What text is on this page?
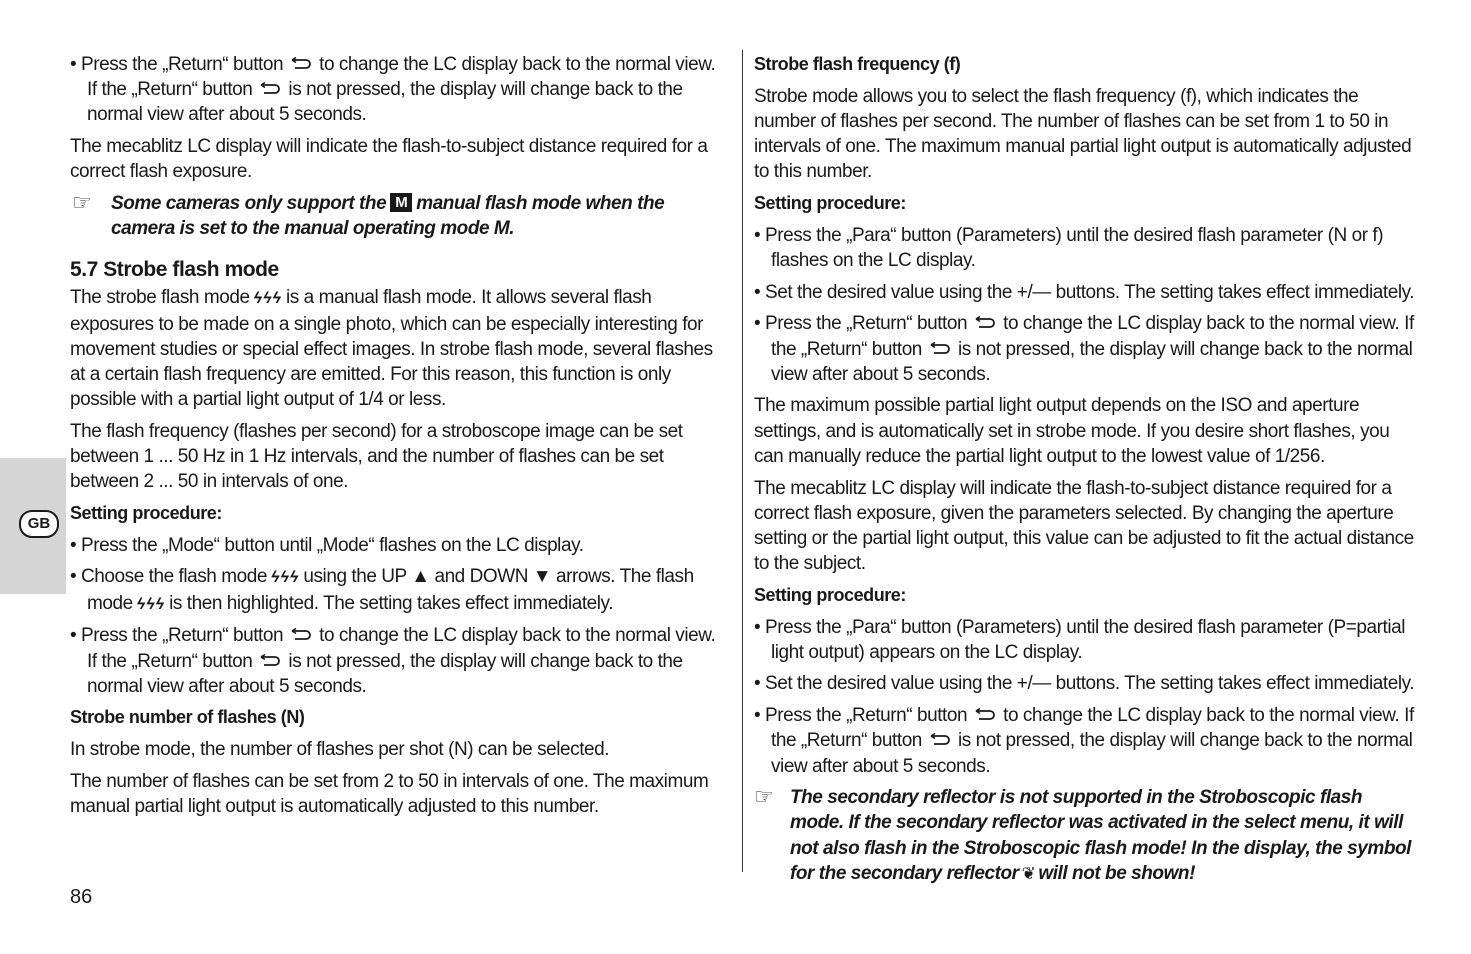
GB

• Press the „Return“ button to change the LC display back to the normal view. If the „Return“ button is not pressed, the display will change back to the normal view after about 5 seconds.

The mecablitz LC display will indicate the flash-to-subject distance required for a correct flash exposure.

☞ Some cameras only support the M manual flash mode when the camera is set to the manual operating mode M.

5.7 Strobe flash mode

The strobe flash mode ϟϟϟ is a manual flash mode. It allows several flash exposures to be made on a single photo, which can be especially interesting for movement studies or special effect images. In strobe flash mode, several flashes at a certain flash frequency are emitted. For this reason, this function is only possible with a partial light output of 1/4 or less.

The flash frequency (flashes per second) for a stroboscope image can be set between 1 ... 50 Hz in 1 Hz intervals, and the number of flashes can be set between 2 ... 50 in intervals of one.

Setting procedure:

• Press the „Mode“ button until „Mode“ flashes on the LC display.

• Choose the flash mode ϟϟϟ using the UP ▲ and DOWN ▼ arrows. The flash mode ϟϟϟ is then highlighted. The setting takes effect immediately.

• Press the „Return“ button to change the LC display back to the normal view. If the „Return“ button is not pressed, the display will change back to the normal view after about 5 seconds.

Strobe number of flashes (N)

In strobe mode, the number of flashes per shot (N) can be selected.

The number of flashes can be set from 2 to 50 in intervals of one. The maximum manual partial light output is automatically adjusted to this number.

Strobe flash frequency (f)

Strobe mode allows you to select the flash frequency (f), which indicates the number of flashes per second. The number of flashes can be set from 1 to 50 in intervals of one. The maximum manual partial light output is automatically adjusted to this number.

Setting procedure:

• Press the „Para“ button (Parameters) until the desired flash parameter (N or f) flashes on the LC display.

• Set the desired value using the +/— buttons. The setting takes effect immediately.

• Press the „Return“ button to change the LC display back to the normal view. If the „Return“ button is not pressed, the display will change back to the normal view after about 5 seconds.

The maximum possible partial light output depends on the ISO and aperture settings, and is automatically set in strobe mode. If you desire short flashes, you can manually reduce the partial light output to the lowest value of 1/256.

The mecablitz LC display will indicate the flash-to-subject distance required for a correct flash exposure, given the parameters selected. By changing the aperture setting or the partial light output, this value can be adjusted to fit the actual distance to the subject.

Setting procedure:

• Press the „Para“ button (Parameters) until the desired flash parameter (P=partial light output) appears on the LC display.

• Set the desired value using the +/— buttons. The setting takes effect immediately.

• Press the „Return“ button to change the LC display back to the normal view. If the „Return“ button is not pressed, the display will change back to the normal view after about 5 seconds.

☞ The secondary reflector is not supported in the Stroboscopic flash mode. If the secondary reflector was activated in the select menu, it will not also flash in the Stroboscopic flash mode! In the display, the symbol for the secondary reflector ❦ will not be shown!

86
